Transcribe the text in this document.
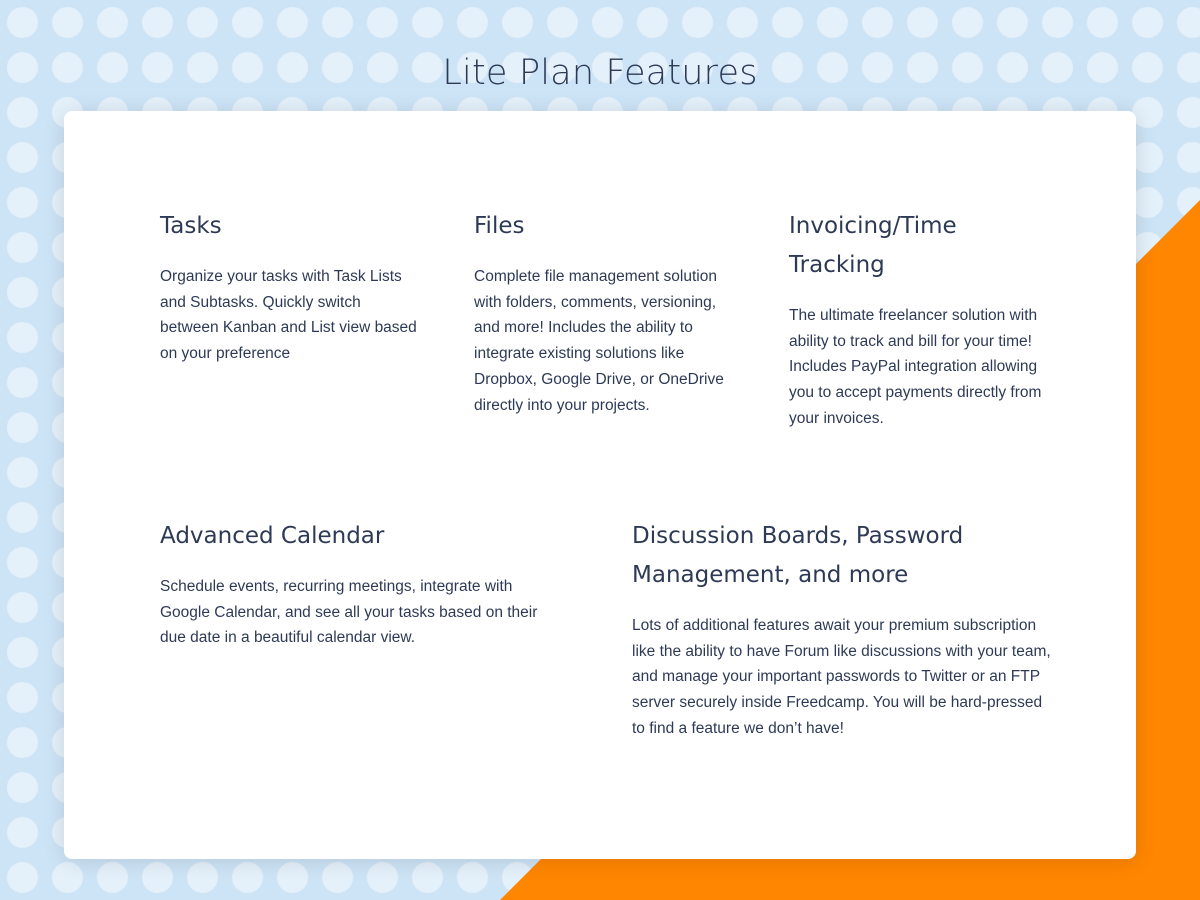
Lite Plan Features
Tasks

Organize your tasks with Task Lists and Subtasks. Quickly switch between Kanban and List view based on your preference

Files

Complete file management solution with folders, comments, versioning, and more! Includes the ability to integrate existing solutions like Dropbox, Google Drive, or OneDrive directly into your projects.

Invoicing/Time Tracking

The ultimate freelancer solution with ability to track and bill for your time! Includes PayPal integration allowing you to accept payments directly from your invoices.

Advanced Calendar

Schedule events, recurring meetings, integrate with Google Calendar, and see all your tasks based on their due date in a beautiful calendar view.

Discussion Boards, Password Management, and more

Lots of additional features await your premium subscription like the ability to have Forum like discussions with your team, and manage your important passwords to Twitter or an FTP server securely inside Freedcamp. You will be hard-pressed to find a feature we don’t have!
